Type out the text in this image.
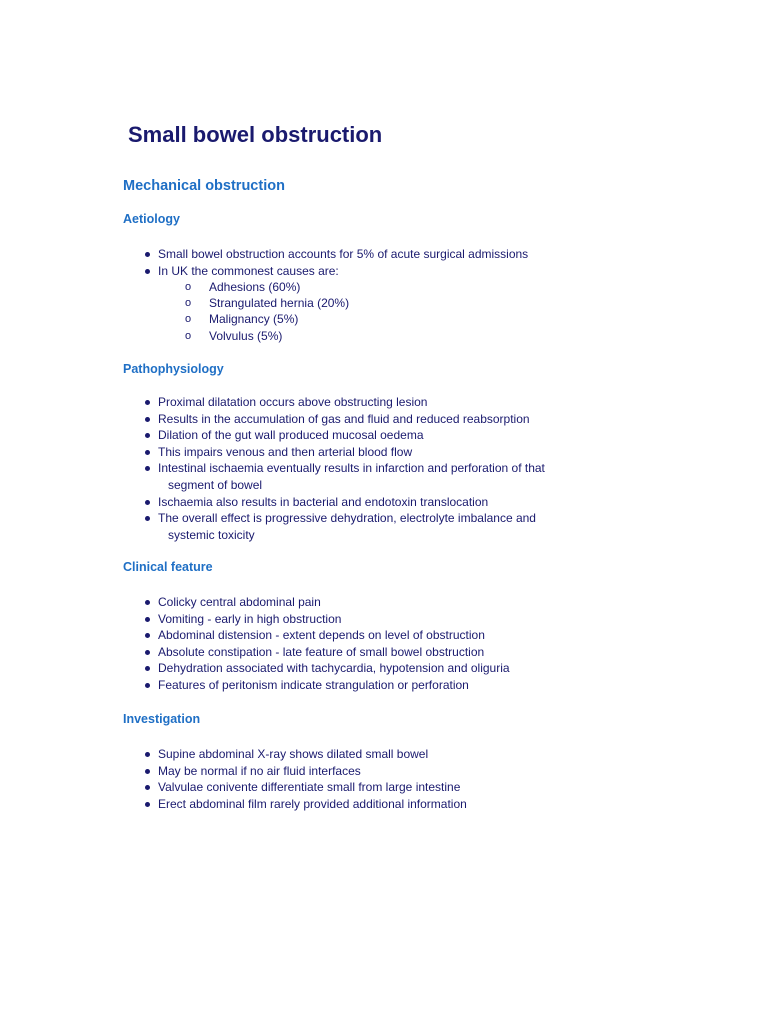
Small bowel obstruction
Mechanical obstruction
Aetiology
Small bowel obstruction accounts for 5% of acute surgical admissions
In UK the commonest causes are:
o Adhesions (60%)
o Strangulated hernia (20%)
o Malignancy (5%)
o Volvulus (5%)
Pathophysiology
Proximal dilatation occurs above obstructing lesion
Results in the accumulation of gas and fluid and reduced reabsorption
Dilation of the gut wall produced mucosal oedema
This impairs venous and then arterial blood flow
Intestinal ischaemia eventually results in infarction and perforation of that
segment of bowel
Ischaemia also results in bacterial and endotoxin translocation
The overall effect is progressive dehydration, electrolyte imbalance and
systemic toxicity
Clinical feature
Colicky central abdominal pain
Vomiting - early in high obstruction
Abdominal distension - extent depends on level of obstruction
Absolute constipation - late feature of small bowel obstruction
Dehydration associated with tachycardia, hypotension and oliguria
Features of peritonism indicate strangulation or perforation
Investigation
Supine abdominal X-ray shows dilated small bowel
May be normal if no air fluid interfaces
Valvulae conivente differentiate small from large intestine
Erect abdominal film rarely provided additional information
